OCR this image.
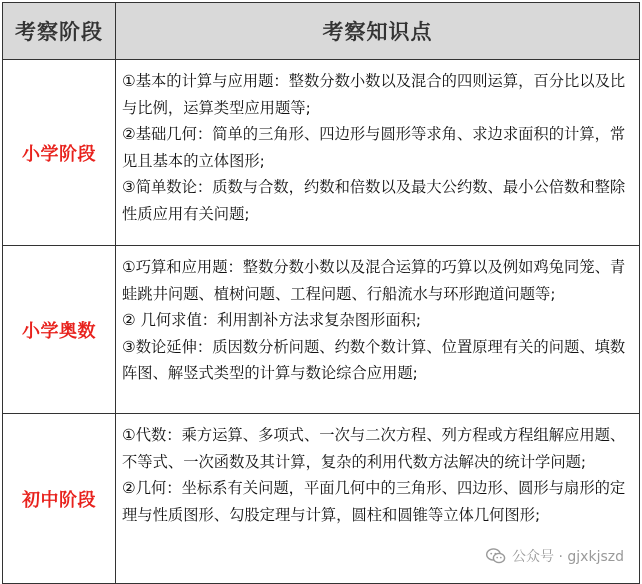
考察阶段	考察知识点
小学阶段	①基本的计算与应用题：整数分数小数以及混合的四则运算，百分比以及比与比例，运算类型应用题等;
②基础几何：简单的三角形、四边形与圆形等求角、求边求面积的计算，常见且基本的立体图形;
③简单数论：质数与合数，约数和倍数以及最大公约数、最小公倍数和整除性质应用有关问题;

小学奥数	①巧算和应用题：整数分数小数以及混合运算的巧算以及例如鸡兔同笼、青蛙跳井问题、植树问题、工程问题、行船流水与环形跑道问题等;
② 几何求值：利用割补方法求复杂图形面积;
③数论延伸：质因数分析问题、约数个数计算、位置原理有关的问题、填数阵图、解竖式类型的计算与数论综合应用题;

初中阶段	①代数：乘方运算、多项式、一次与二次方程、列方程或方程组解应用题、不等式、一次函数及其计算，复杂的利用代数方法解决的统计学问题;
②几何：坐标系有关问题，平面几何中的三角形、四边形、圆形与扇形的定理与性质图形、勾股定理与计算，圆柱和圆锥等立体几何图形;
公众号 · gjxkjszd
